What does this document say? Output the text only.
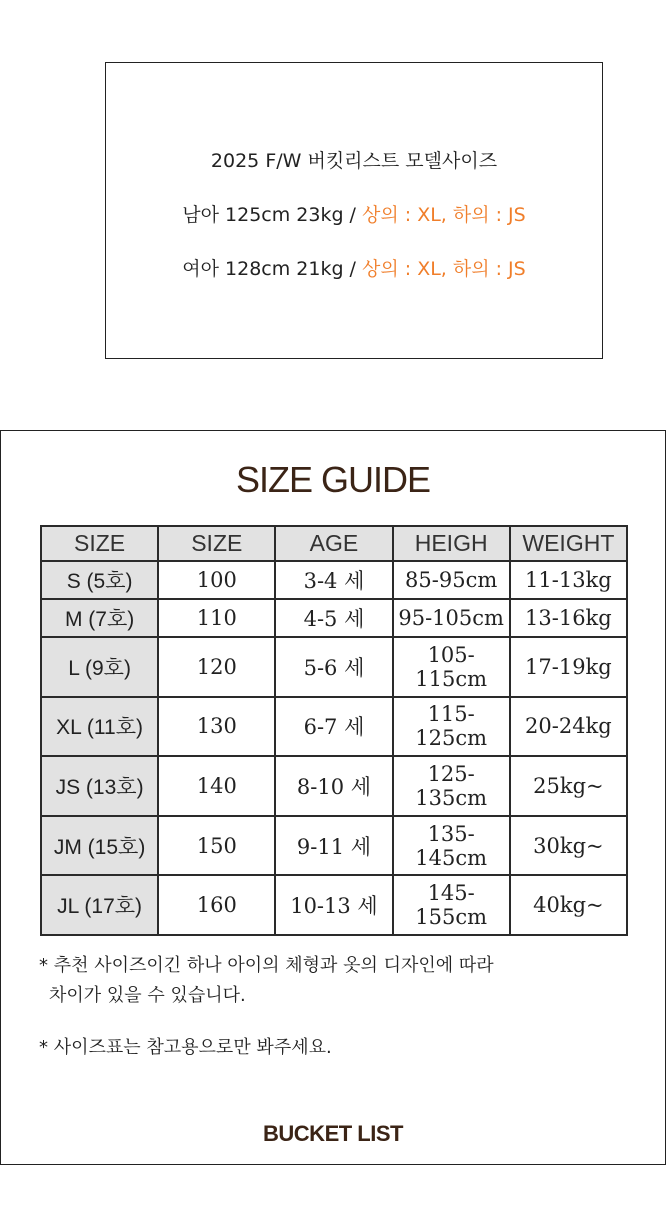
2025 F/W 버킷리스트 모델사이즈
남아 125cm 23kg / 상의 : XL, 하의 : JS
여아 128cm 21kg / 상의 : XL, 하의 : JS
SIZE GUIDE
SIZE	SIZE	AGE	HEIGH	WEIGHT
S (5호)	100	3-4 세	85-95cm	11-13kg
M (7호)	110	4-5 세	95-105cm	13-16kg
L (9호)	120	5-6 세	105-115cm	17-19kg
XL (11호)	130	6-7 세	115-125cm	20-24kg
JS (13호)	140	8-10 세	125-135cm	25kg~
JM (15호)	150	9-11 세	135-145cm	30kg~
JL (17호)	160	10-13 세	145-155cm	40kg~
* 추천 사이즈이긴 하나 아이의 체형과 옷의 디자인에 따라
차이가 있을 수 있습니다.
* 사이즈표는 참고용으로만 봐주세요.
BUCKET LIST
